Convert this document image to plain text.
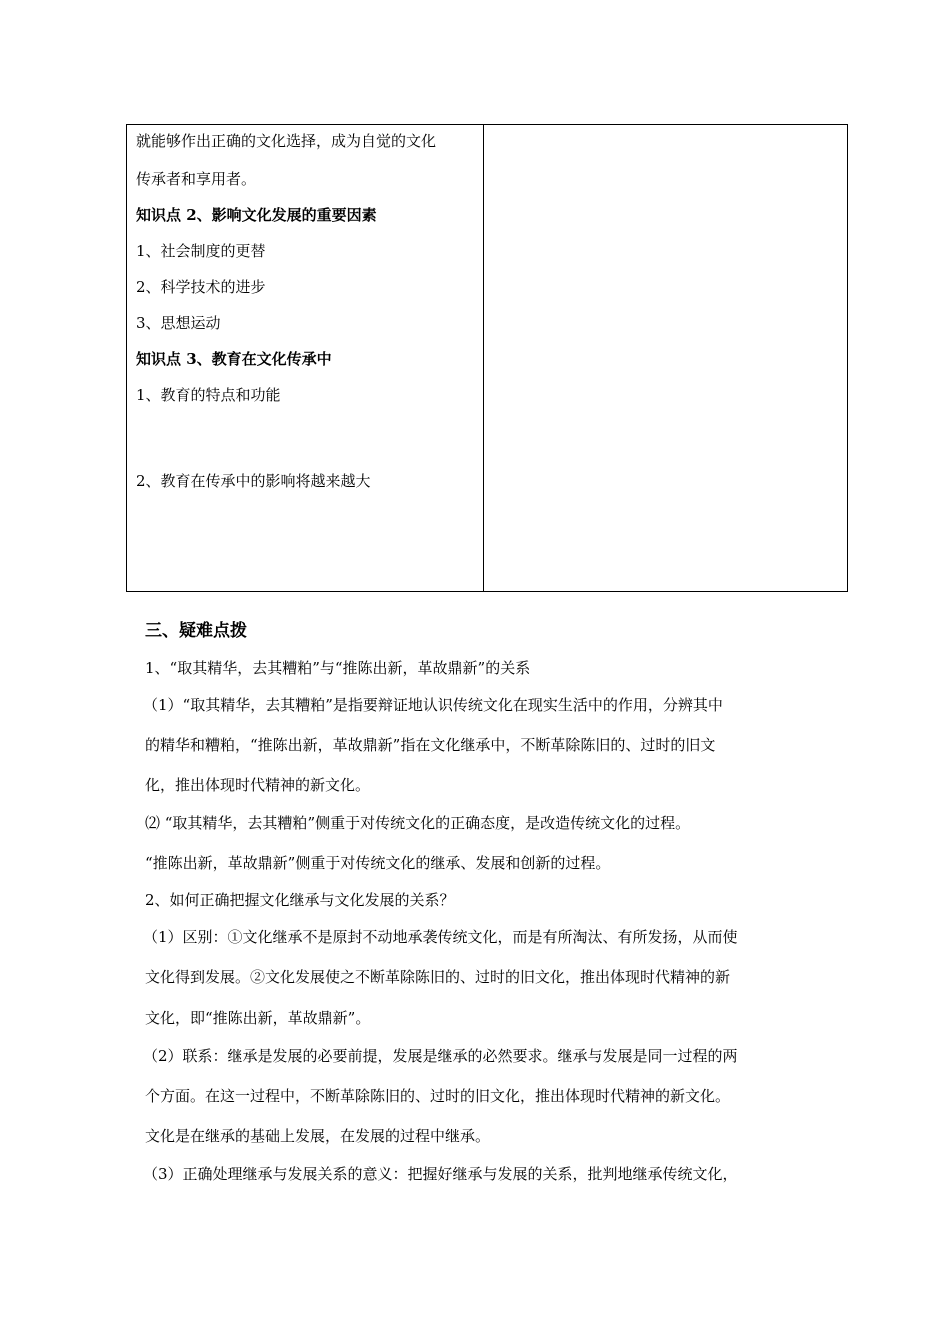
就能够作出正确的文化选择，成为自觉的文化
传承者和享用者。
知识点 2、影响文化发展的重要因素
1、社会制度的更替
2、科学技术的进步
3、思想运动
知识点 3、教育在文化传承中
1、教育的特点和功能
2、教育在传承中的影响将越来越大
三、疑难点拨
1、“取其精华，去其糟粕”与“推陈出新，革故鼎新”的关系
（1）“取其精华，去其糟粕”是指要辩证地认识传统文化在现实生活中的作用，分辨其中
的精华和糟粕，“推陈出新，革故鼎新”指在文化继承中，不断革除陈旧的、过时的旧文
化，推出体现时代精神的新文化。
⑵ “取其精华，去其糟粕”侧重于对传统文化的正确态度，是改造传统文化的过程。
“推陈出新，革故鼎新”侧重于对传统文化的继承、发展和创新的过程。
2、如何正确把握文化继承与文化发展的关系？
（1）区别：①文化继承不是原封不动地承袭传统文化，而是有所淘汰、有所发扬，从而使
文化得到发展。②文化发展使之不断革除陈旧的、过时的旧文化，推出体现时代精神的新
文化，即“推陈出新，革故鼎新”。
（2）联系：继承是发展的必要前提，发展是继承的必然要求。继承与发展是同一过程的两
个方面。在这一过程中，不断革除陈旧的、过时的旧文化，推出体现时代精神的新文化。
文化是在继承的基础上发展，在发展的过程中继承。
（3）正确处理继承与发展关系的意义：把握好继承与发展的关系，批判地继承传统文化，
